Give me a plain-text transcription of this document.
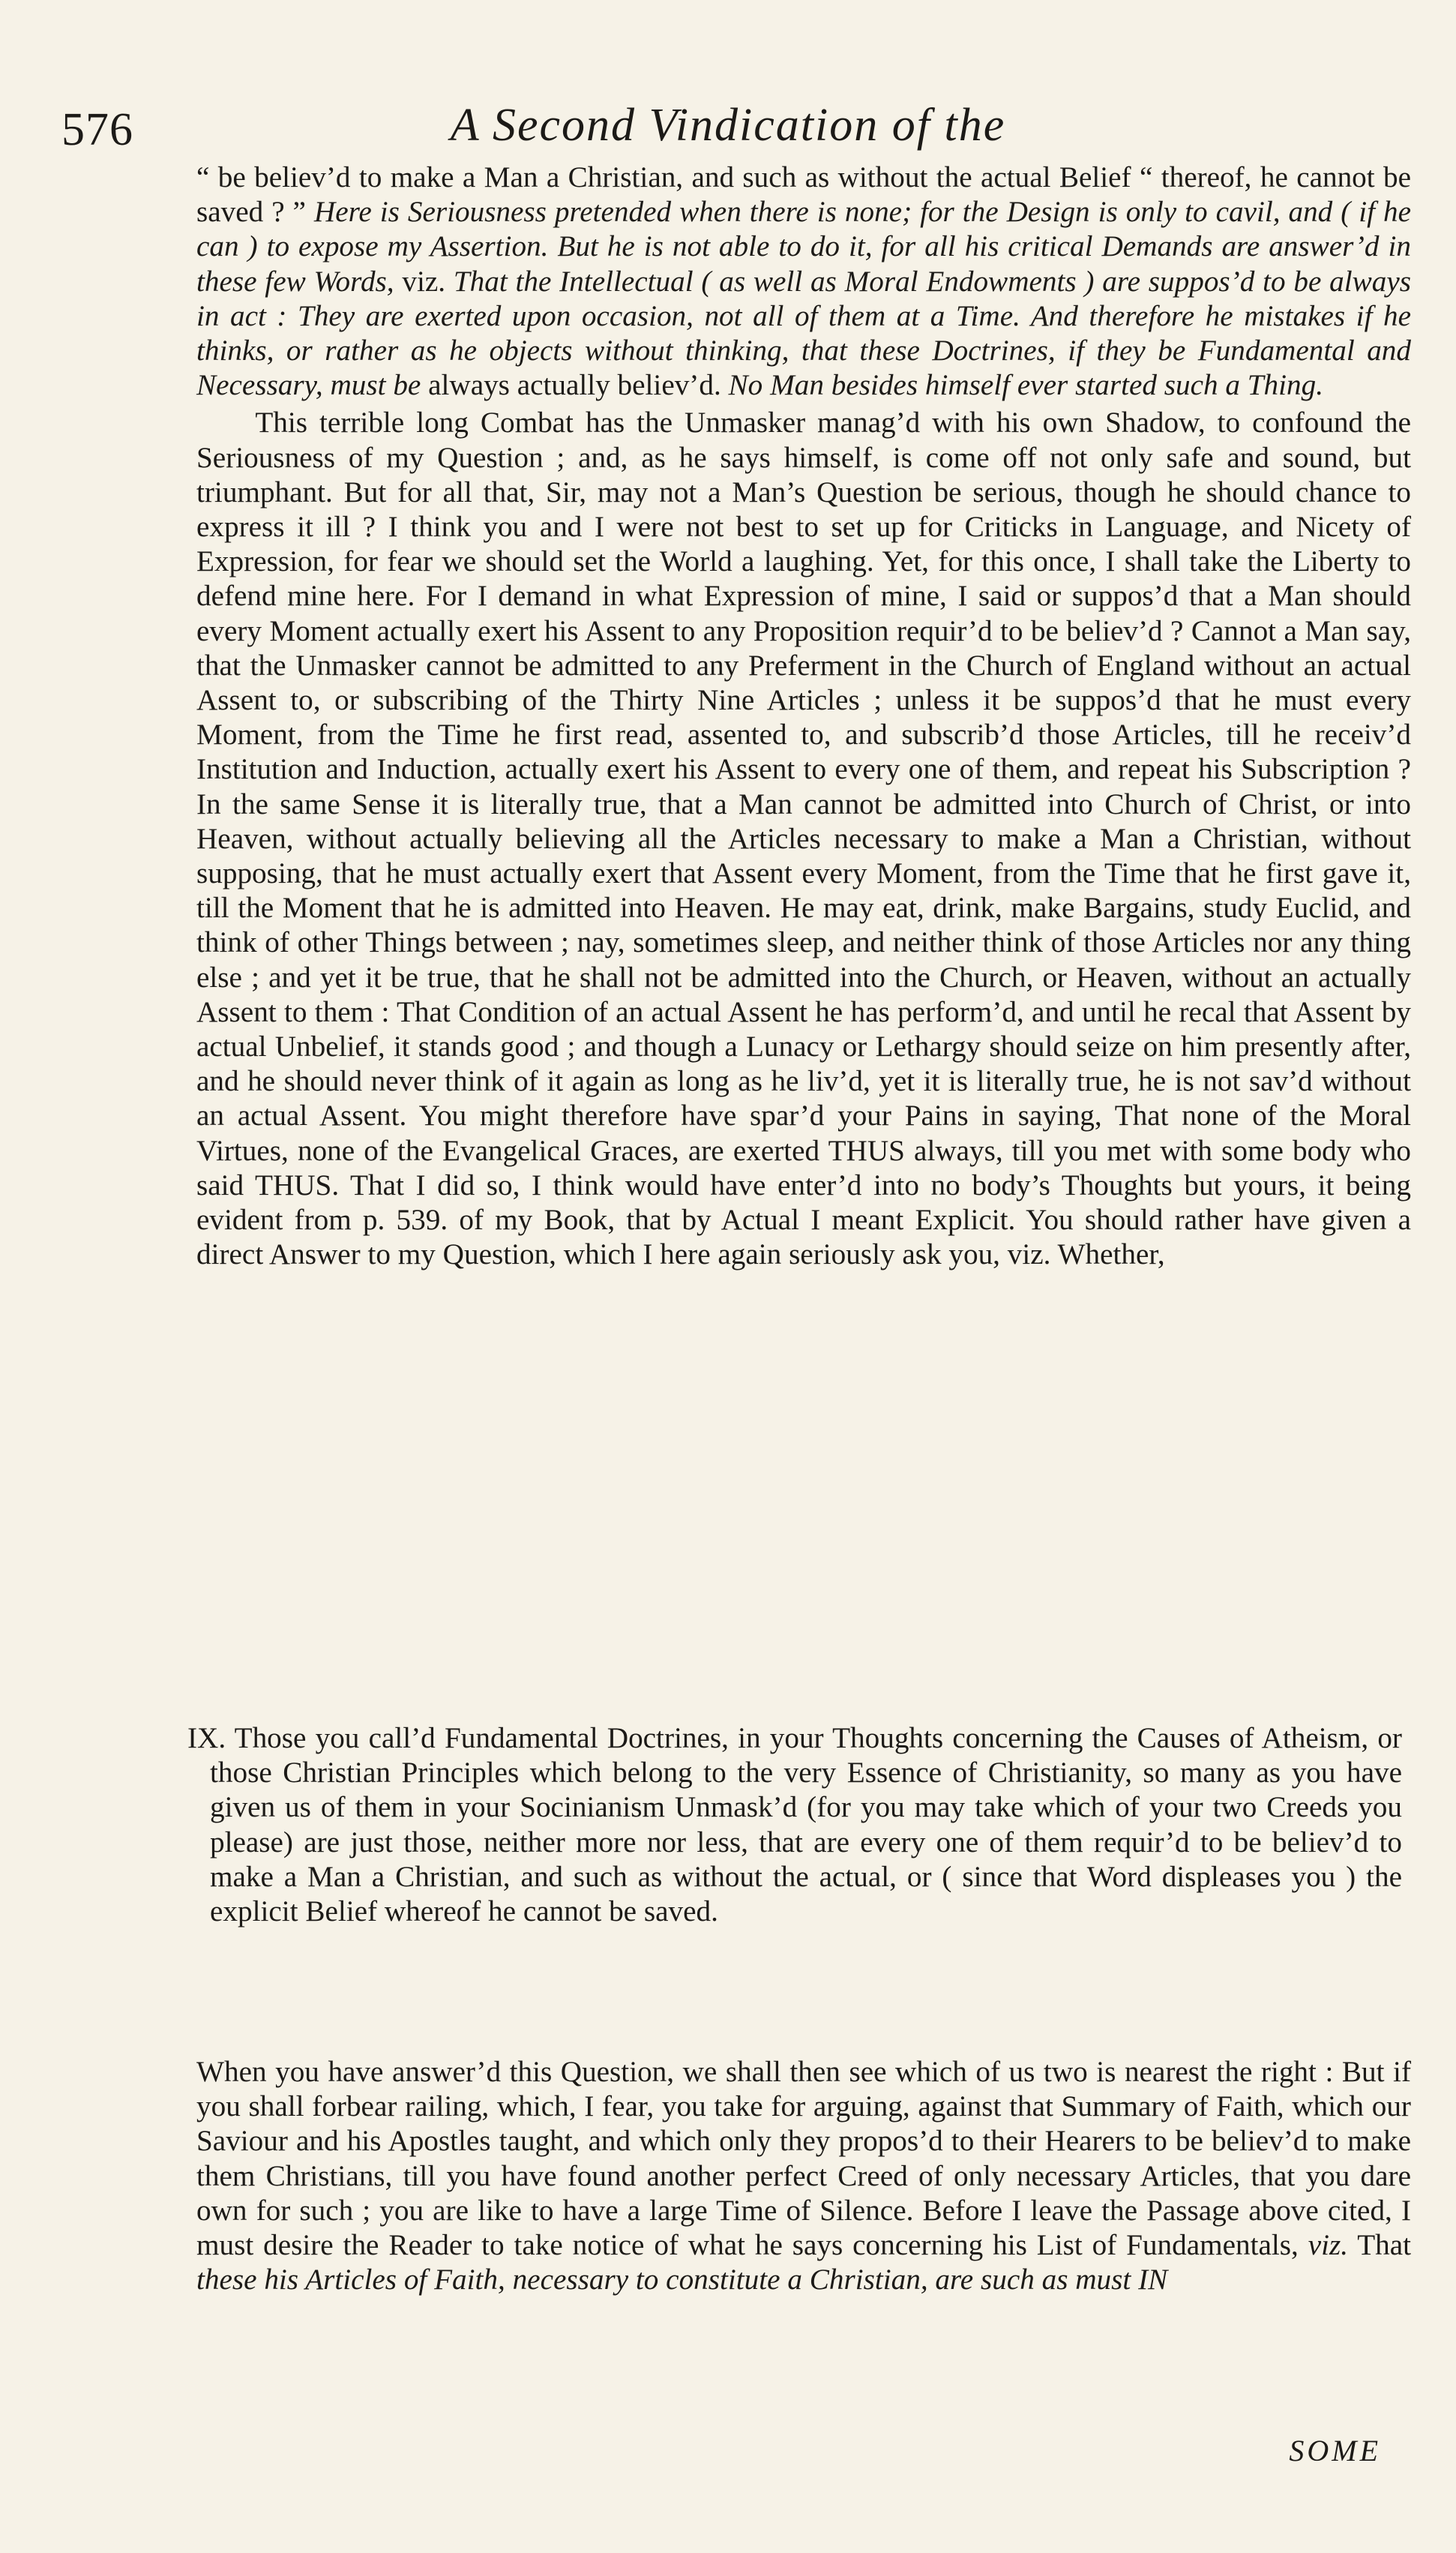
576	A Second Vindication of the

“ be believ’d to make a Man a Christian, and such as without the actual Belief “ thereof, he cannot be saved ? ” Here is Seriousness pretended when there is none; for the Design is only to cavil, and ( if he can ) to expose my Assertion. But he is not able to do it, for all his critical Demands are answer’d in these few Words, viz. That the Intellectual ( as well as Moral Endowments ) are suppos’d to be always in act : They are exerted upon occasion, not all of them at a Time. And therefore he mistakes if he thinks, or rather as he objects without thinking, that these Doctrines, if they be Fundamental and Necessary, must be always actually believ’d. No Man besides himself ever started such a Thing.

  This terrible long Combat has the Unmasker manag’d with his own Shadow, to confound the Seriousness of my Question ; and, as he says himself, is come off not only safe and sound, but triumphant. But for all that, Sir, may not a Man’s Question be serious, though he should chance to express it ill ? I think you and I were not best to set up for Criticks in Language, and Nicety of Expression, for fear we should set the World a laughing. Yet, for this once, I shall take the Liberty to defend mine here. For I demand in what Expression of mine, I said or suppos’d that a Man should every Moment actually exert his Assent to any Proposition requir’d to be believ’d ? Cannot a Man say, that the Unmasker cannot be admitted to any Preferment in the Church of England without an actual Assent to, or subscribing of the Thirty Nine Articles ; unless it be suppos’d that he must every Moment, from the Time he first read, assented to, and subscrib’d those Articles, till he receiv’d Institution and Induction, actually exert his Assent to every one of them, and repeat his Subscription ? In the same Sense it is literally true, that a Man cannot be admitted into Church of Christ, or into Heaven, without actually believing all the Articles necessary to make a Man a Christian, without supposing, that he must actually exert that Assent every Moment, from the Time that he first gave it, till the Moment that he is admitted into Heaven. He may eat, drink, make Bargains, study Euclid, and think of other Things between ; nay, sometimes sleep, and neither think of those Articles nor any thing else ; and yet it be true, that he shall not be admitted into the Church, or Heaven, without an actually Assent to them : That Condition of an actual Assent he has perform’d, and until he recal that Assent by actual Unbelief, it stands good ; and though a Lunacy or Lethargy should seize on him presently after, and he should never think of it again as long as he liv’d, yet it is literally true, he is not sav’d without an actual Assent. You might therefore have spar’d your Pains in saying, That none of the Moral Virtues, none of the Evangelical Graces, are exerted THUS always, till you met with some body who said THUS. That I did so, I think would have enter’d into no body’s Thoughts but yours, it being evident from p. 539. of my Book, that by Actual I meant Explicit. You should rather have given a direct Answer to my Question, which I here again seriously ask you, viz. Whether,

IX. Those you call’d Fundamental Doctrines, in your Thoughts concerning the Causes of Atheism, or those Christian Principles which belong to the very Essence of Christianity, so many as you have given us of them in your Socinianism Unmask’d (for you may take which of your two Creeds you please) are just those, neither more nor less, that are every one of them requir’d to be believ’d to make a Man a Christian, and such as without the actual, or ( since that Word displeases you ) the explicit Belief whereof he cannot be saved.

When you have answer’d this Question, we shall then see which of us two is nearest the right : But if you shall forbear railing, which, I fear, you take for arguing, against that Summary of Faith, which our Saviour and his Apostles taught, and which only they propos’d to their Hearers to be believ’d to make them Christians, till you have found another perfect Creed of only necessary Articles, that you dare own for such ; you are like to have a large Time of Silence. Before I leave the Passage above cited, I must desire the Reader to take notice of what he says concerning his List of Fundamentals, viz. That these his Articles of Faith, necessary to constitute a Christian, are such as must IN

SOME
